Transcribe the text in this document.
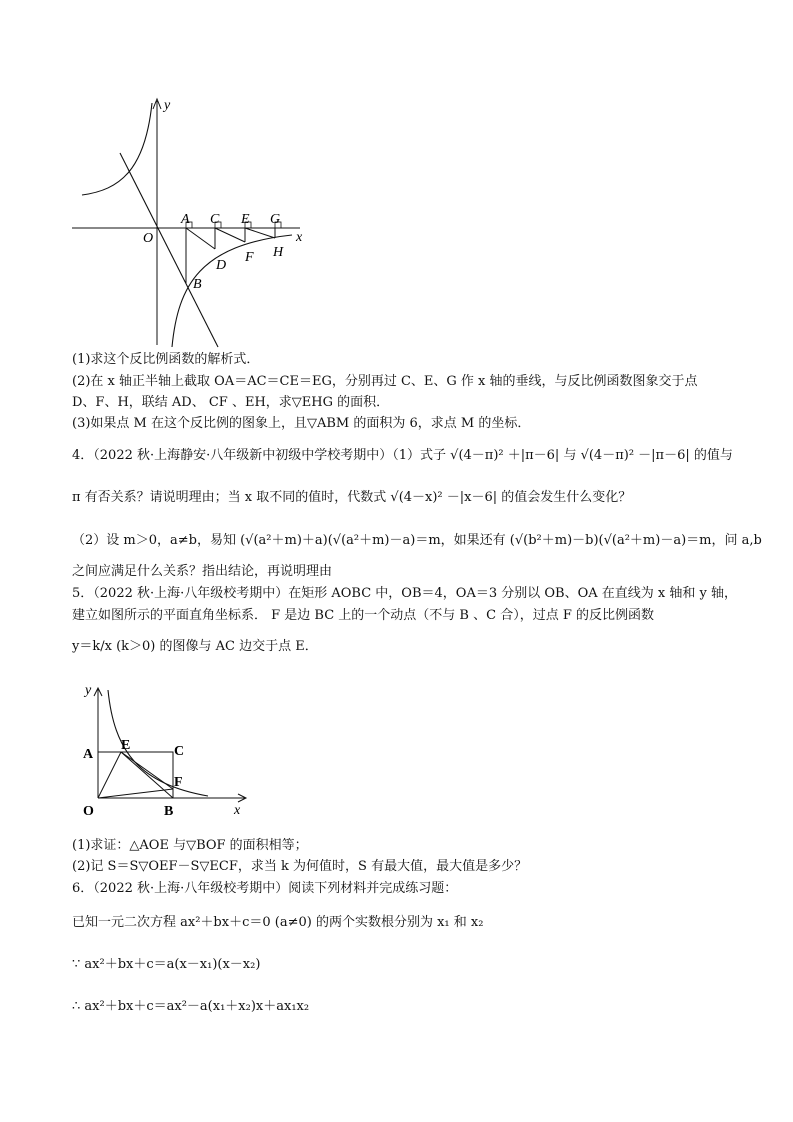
y
x
O
A C E G
D
F H
B
(1)求这个反比例函数的解析式．
(2)在 x 轴正半轴上截取 OA＝AC＝CE＝EG，分别再过 C、E、G 作 x 轴的垂线，与反比例函数图象交于点
D、F、H，联结 AD、 CF 、EH，求▽EHG 的面积．
(3)如果点 M 在这个反比例的图象上，且▽ABM 的面积为 6，求点 M 的坐标．
4．（2022 秋·上海静安·八年级新中初级中学校考期中）（1）式子 √(4－π)² ＋|π－6| 与 √(4－π)² －|π－6| 的值与
π 有否关系？请说明理由；当 x 取不同的值时，代数式 √(4－x)² －|x－6| 的值会发生什么变化？
（2）设 m＞0，a≠b，易知 (√(a²＋m)＋a)(√(a²＋m)－a)＝m，如果还有 (√(b²＋m)－b)(√(a²＋m)－a)＝m，问 a,b
之间应满足什么关系？指出结论，再说明理由
5．（2022 秋·上海·八年级校考期中）在矩形 AOBC 中，OB＝4，OA＝3 分别以 OB、OA 在直线为 x 轴和 y 轴，
建立如图所示的平面直角坐标系． F 是边 BC 上的一个动点（不与 B 、C 合），过点 F 的反比例函数
y＝k/x (k＞0) 的图像与 AC 边交于点 E．
y
x
O
A
E	C
F
B
(1)求证：△AOE 与▽BOF 的面积相等；
(2)记 S＝S▽OEF－S▽ECF，求当 k 为何值时，S 有最大值，最大值是多少？
6．（2022 秋·上海·八年级校考期中）阅读下列材料并完成练习题：
已知一元二次方程 ax²＋bx＋c＝0 (a≠0) 的两个实数根分别为 x₁ 和 x₂
∵ ax²＋bx＋c＝a(x－x₁)(x－x₂)
∴ ax²＋bx＋c＝ax²－a(x₁＋x₂)x＋ax₁x₂
